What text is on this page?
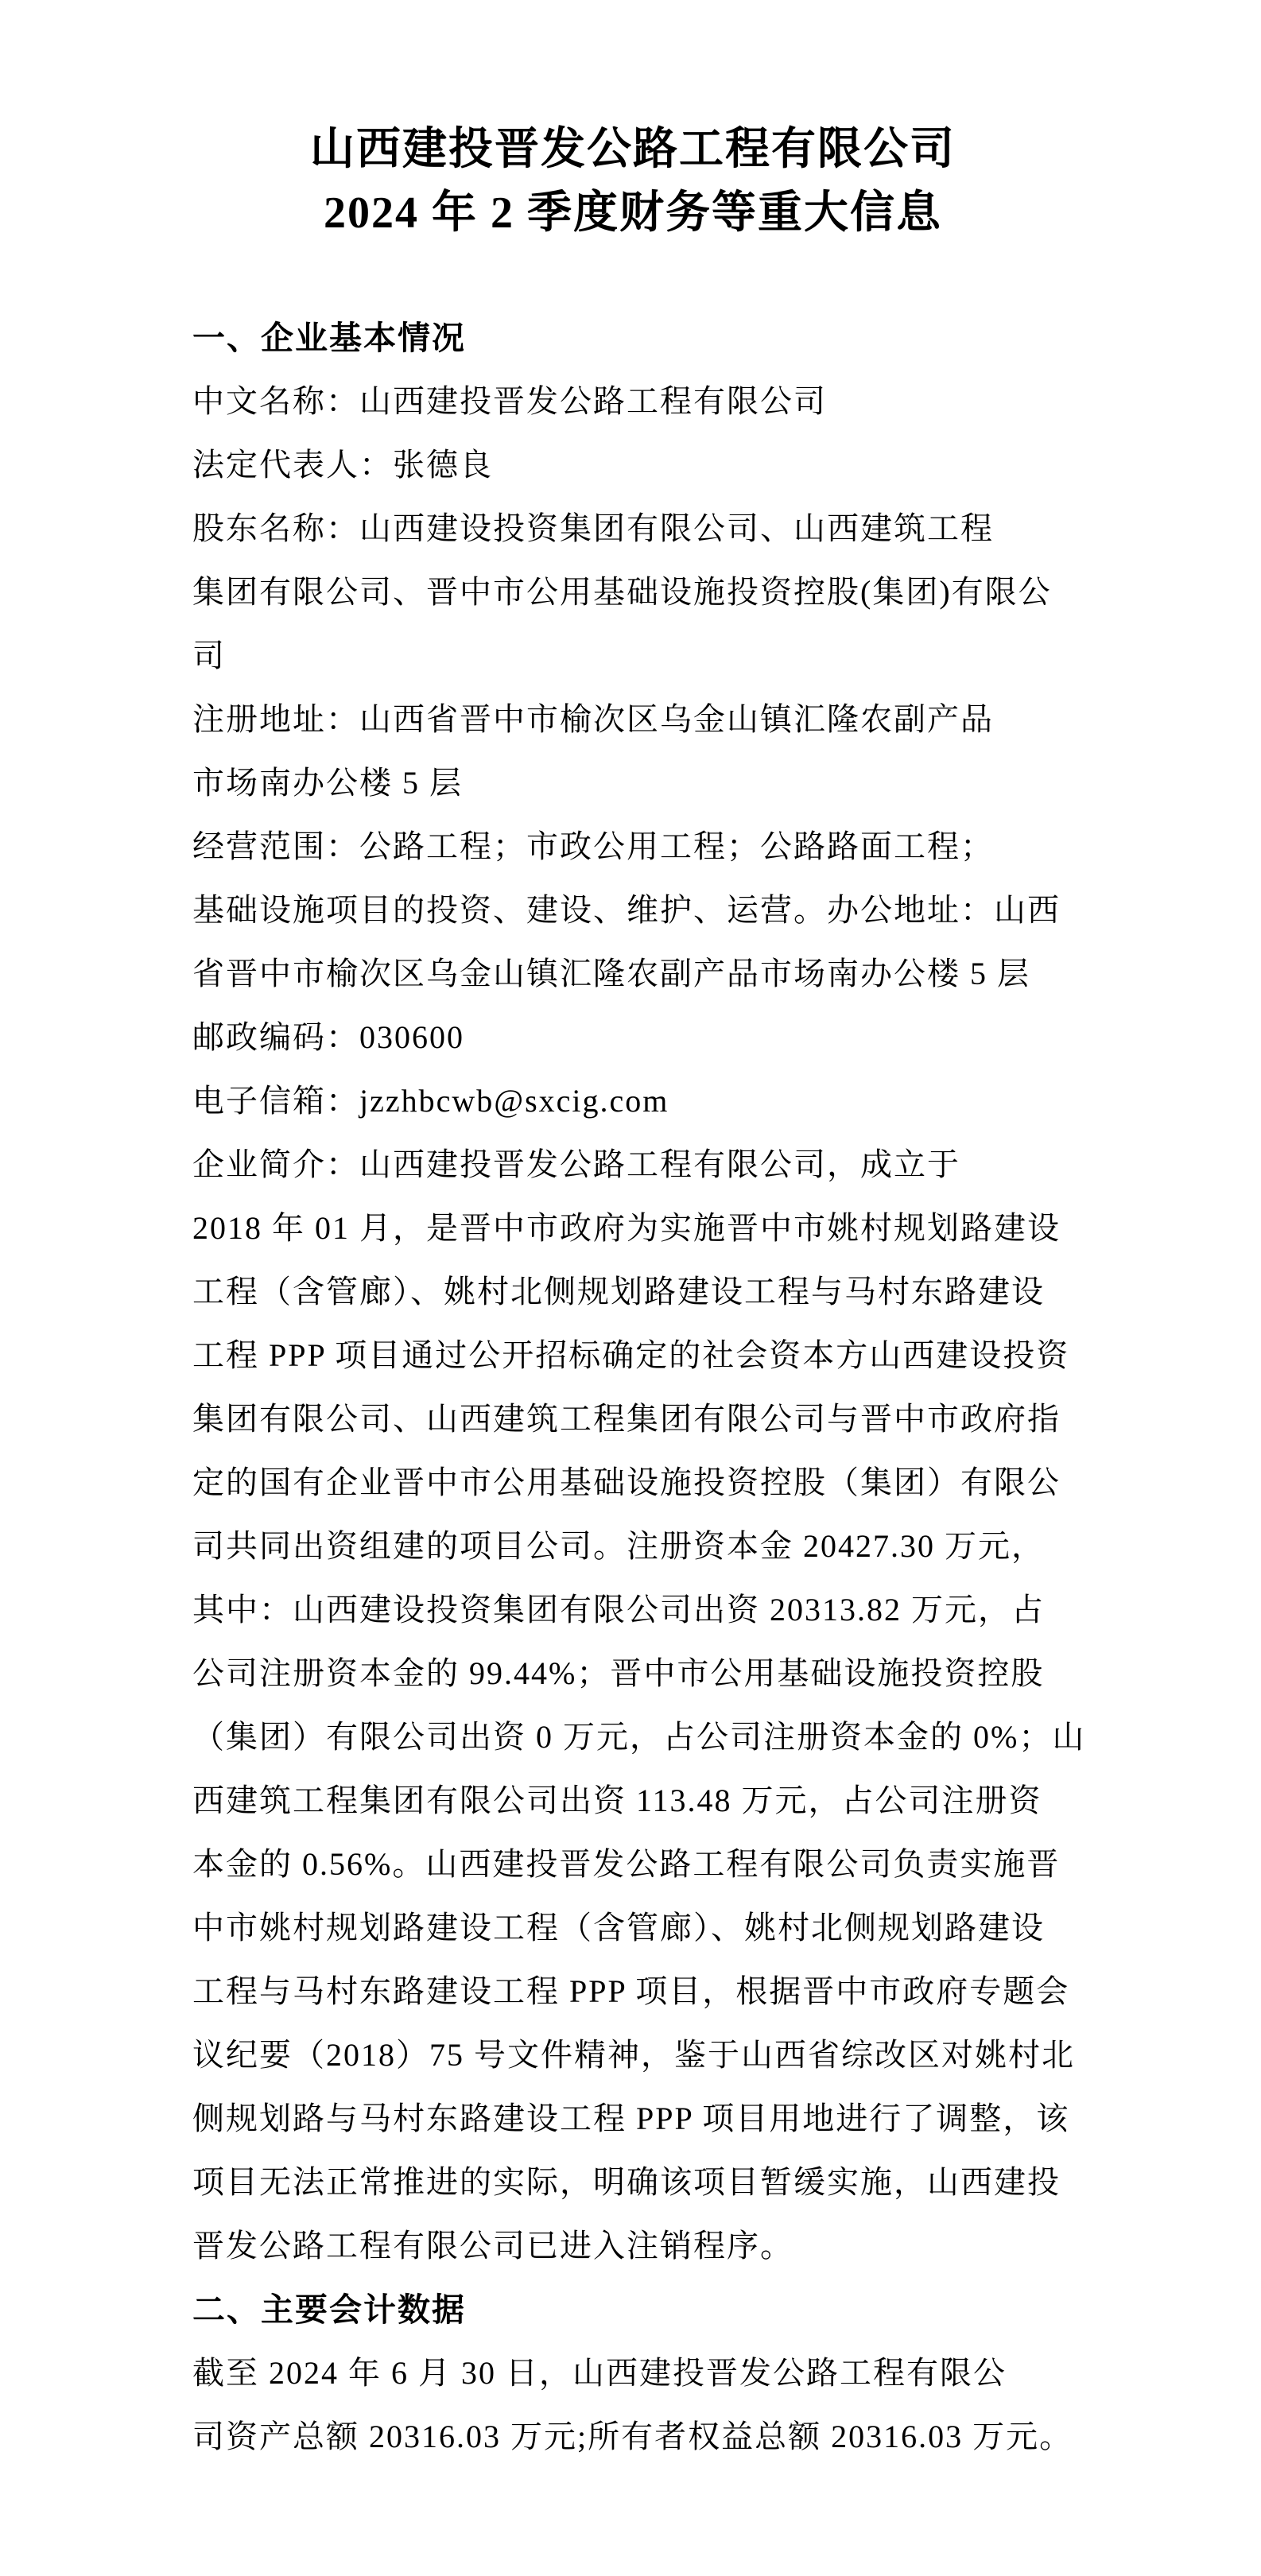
山西建投晋发公路工程有限公司

2024 年 2 季度财务等重大信息

一、企业基本情况

中文名称：山西建投晋发公路工程有限公司

法定代表人：张德良

股东名称：山西建设投资集团有限公司、山西建筑工程

集团有限公司、晋中市公用基础设施投资控股(集团)有限公

司

注册地址：山西省晋中市榆次区乌金山镇汇隆农副产品

市场南办公楼 5 层

经营范围：公路工程；市政公用工程；公路路面工程；

基础设施项目的投资、建设、维护、运营。办公地址：山西

省晋中市榆次区乌金山镇汇隆农副产品市场南办公楼 5 层

邮政编码：030600

电子信箱：jzzhbcwb@sxcig.com

企业简介：山西建投晋发公路工程有限公司，成立于

2018 年 01 月，是晋中市政府为实施晋中市姚村规划路建设

工程（含管廊）、姚村北侧规划路建设工程与马村东路建设

工程 PPP 项目通过公开招标确定的社会资本方山西建设投资

集团有限公司、山西建筑工程集团有限公司与晋中市政府指

定的国有企业晋中市公用基础设施投资控股（集团）有限公

司共同出资组建的项目公司。注册资本金 20427.30 万元，

其中：山西建设投资集团有限公司出资 20313.82 万元，占

公司注册资本金的 99.44%；晋中市公用基础设施投资控股

（集团）有限公司出资 0 万元，占公司注册资本金的 0%；山

西建筑工程集团有限公司出资 113.48 万元，占公司注册资

本金的 0.56%。山西建投晋发公路工程有限公司负责实施晋

中市姚村规划路建设工程（含管廊）、姚村北侧规划路建设

工程与马村东路建设工程 PPP 项目，根据晋中市政府专题会

议纪要（2018）75 号文件精神，鉴于山西省综改区对姚村北

侧规划路与马村东路建设工程 PPP 项目用地进行了调整，该

项目无法正常推进的实际，明确该项目暂缓实施，山西建投

晋发公路工程有限公司已进入注销程序。

二、主要会计数据

截至 2024 年 6 月 30 日，山西建投晋发公路工程有限公

司资产总额 20316.03 万元;所有者权益总额 20316.03 万元。
